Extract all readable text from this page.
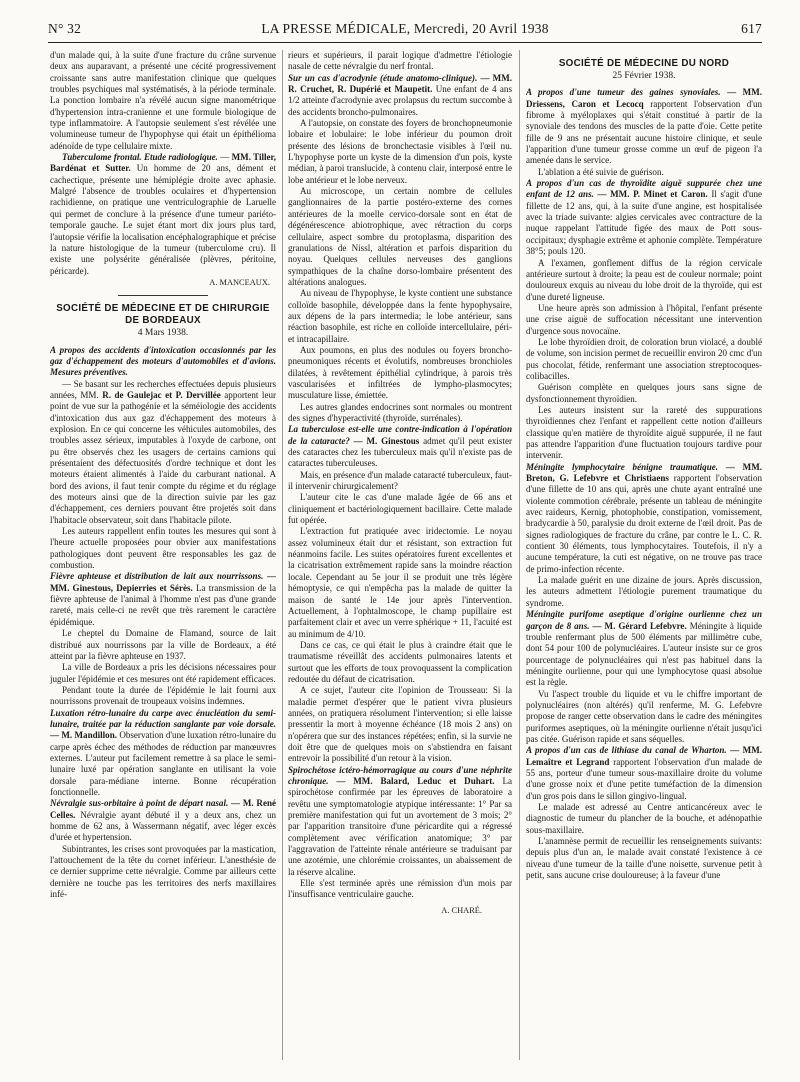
N° 32	LA PRESSE MÉDICALE, Mercredi, 20 Avril 1938	617

d'un malade qui, à la suite d'une fracture du crâne survenue deux ans auparavant, a présenté une cécité progressivement croissante sans autre manifestation clinique que quelques troubles psychiques mal systématisés, à la période terminale. La ponction lombaire n'a révélé aucun signe manométrique d'hypertension intra-cranienne et une formule biologique de type inflammatoire. A l'autopsie seulement s'est révélée une volumineuse tumeur de l'hypophyse qui était un épithélioma adénoïde de type cellulaire mixte.

Tuberculome frontal. Etude radiologique. — MM. Tiller, Bardénat et Sutter. Un homme de 20 ans, dément et cachectique, présente une hémiplégie droite avec aphasie. Malgré l'absence de troubles oculaires et d'hypertension rachidienne, on pratique une ventriculographie de Laruelle qui permet de conclure à la présence d'une tumeur pariéto-temporale gauche. Le sujet étant mort dix jours plus tard, l'autopsie vérifie la localisation encéphalographique et précise la nature histologique de la tumeur (tuberculome cru). Il existe une polysérite généralisée (plèvres, péritoine, péricarde).

A. MANCEAUX.
SOCIÉTÉ DE MÉDECINE ET DE CHIRURGIE DE BORDEAUX
4 Mars 1938.

A propos des accidents d'intoxication occasionnés par les gaz d'échappement des moteurs d'automobiles et d'avions. Mesures préventives.

— Se basant sur les recherches effectuées depuis plusieurs années, MM. R. de Gaulejac et P. Dervillée apportent leur point de vue sur la pathogénie et la séméiologie des accidents d'intoxication dus aux gaz d'échappement des moteurs à explosion. En ce qui concerne les véhicules automobiles, des troubles assez sérieux, imputables à l'oxyde de carbone, ont pu être observés chez les usagers de certains camions qui présentaient des défectuosités d'ordre technique et dont les moteurs étaient alimentés à l'aide du carburant national. A bord des avions, il faut tenir compte du régime et du réglage des moteurs ainsi que de la direction suivie par les gaz d'échappement, ces derniers pouvant être projetés soit dans l'habitacle observateur, soit dans l'habitacle pilote.

Les auteurs rappellent enfin toutes les mesures qui sont à l'heure actuelle proposées pour obvier aux manifestations pathologiques dont peuvent être responsables les gaz de combustion.

Fièvre aphteuse et distribution de lait aux nourrissons. — MM. Ginestous, Depierries et Sérès. La transmission de la fièvre aphteuse de l'animal à l'homme n'est pas d'une grande rareté, mais celle-ci ne revêt que très rarement le caractère épidémique.

Le cheptel du Domaine de Flamand, source de lait distribué aux nourrissons par la ville de Bordeaux, a été atteint par la fièvre aphteuse en 1937.

La ville de Bordeaux a pris les décisions nécessaires pour juguler l'épidémie et ces mesures ont été rapidement efficaces.

Pendant toute la durée de l'épidémie le lait fourni aux nourrissons provenait de troupeaux voisins indemnes.

Luxation rétro-lunaire du carpe avec énucléation du semi-lunaire, traitée par la réduction sanglante par voie dorsale. — M. Mandillon. Observation d'une luxation rétro-lunaire du carpe après échec des méthodes de réduction par manœuvres externes. L'auteur put facilement remettre à sa place le semi-lunaire luxé par opération sanglante en utilisant la voie dorsale para-médiane interne. Bonne récupération fonctionnelle.

Névralgie sus-orbitaire à point de départ nasal. — M. René Celles. Névralgie ayant débuté il y a deux ans, chez un homme de 62 ans, à Wassermann négatif, avec léger excès d'urée et hypertension.

Subintrantes, les crises sont provoquées par la mastication, l'attouchement de la tête du cornet inférieur. L'anesthésie de ce dernier supprime cette névralgie. Comme par ailleurs cette dernière ne touche pas les territoires des nerfs maxillaires infé-

rieurs et supérieurs, il parait logique d'admettre l'étiologie nasale de cette névralgie du nerf frontal.

Sur un cas d'acrodynie (étude anatomo-clinique). — MM. R. Cruchet, R. Dupérié et Maupetit. Une enfant de 4 ans 1/2 atteinte d'acrodynie avec prolapsus du rectum succombe à des accidents broncho-pulmonaires.

A l'autopsie, on constate des foyers de bronchopneumonie lobaire et lobulaire: le lobe inférieur du poumon droit présente des lésions de bronchectasie visibles à l'œil nu. L'hypophyse porte un kyste de la dimension d'un pois, kyste médian, à paroi translucide, à contenu clair, interposé entre le lobe antérieur et le lobe nerveux.

Au microscope, un certain nombre de cellules ganglionnaires de la partie postéro-externe des cornes antérieures de la moelle cervico-dorsale sont en état de dégénérescence abiotrophique, avec rétraction du corps cellulaire, aspect sombre du protoplasma, disparition des granulations de Nissl, altération et parfois disparition du noyau. Quelques cellules nerveuses des ganglions sympathiques de la chaîne dorso-lombaire présentent des altérations analogues.

Au niveau de l'hypophyse, le kyste contient une substance colloïde basophile, développée dans la fente hypophysaire, aux dépens de la pars intermedia; le lobe antérieur, sans réaction basophile, est riche en colloïde intercellulaire, péri- et intracapillaire.

Aux poumons, en plus des nodules ou foyers broncho-pneumoniques récents et évolutifs, nombreuses bronchioles dilatées, à revêtement épithélial cylindrique, à parois très vascularisées et infiltrées de lympho-plasmocytes; musculature lisse, émiettée.

Les autres glandes endocrines sont normales ou montrent des signes d'hyperactivité (thyroïde, surrénales).

La tuberculose est-elle une contre-indication à l'opération de la cataracte? — M. Ginestous admet qu'il peut exister des cataractes chez les tuberculeux mais qu'il n'existe pas de cataractes tuberculeuses.

Mais, en présence d'un malade cataracté tuberculeux, faut-il intervenir chirurgicalement?

L'auteur cite le cas d'une malade âgée de 66 ans et cliniquement et bactériologiquement bacillaire. Cette malade fut opérée.

L'extraction fut pratiquée avec iridectomie. Le noyau assez volumineux était dur et résistant, son extraction fut néanmoins facile. Les suites opératoires furent excellentes et la cicatrisation extrêmement rapide sans la moindre réaction locale. Cependant au 5e jour il se produit une très légère hémoptysie, ce qui n'empêcha pas la malade de quitter la maison de santé le 14e jour après l'intervention. Actuellement, à l'ophtalmoscope, le champ pupillaire est parfaitement clair et avec un verre sphérique + 11, l'acuité est au minimum de 4/10.

Dans ce cas, ce qui était le plus à craindre était que le traumatisme réveillât des accidents pulmonaires latents et surtout que les efforts de toux provoquassent la complication redoutée du défaut de cicatrisation.

A ce sujet, l'auteur cite l'opinion de Trousseau: Si la maladie permet d'espérer que le patient vivra plusieurs années, on pratiquera résolument l'intervention; si elle laisse pressentir la mort à moyenne échéance (18 mois 2 ans) on n'opérera que sur des instances répétées; enfin, si la survie ne doit être que de quelques mois on s'abstiendra en faisant entrevoir la possibilité d'un retour à la vision.

Spirochétose ictéro-hémorragique au cours d'une néphrite chronique. — MM. Balard, Leduc et Duhart. La spirochétose confirmée par les épreuves de laboratoire a revêtu une symptomatologie atypique intéressante: 1° Par sa première manifestation qui fut un avortement de 3 mois; 2° par l'apparition transitoire d'une péricardite qui a régressé complètement avec vérification anatomique; 3° par l'aggravation de l'atteinte rénale antérieure se traduisant par une azotémie, une chlorémie croissantes, un abaissement de la réserve alcaline.

Elle s'est terminée après une rémission d'un mois par l'insuffisance ventriculaire gauche.

A. CHARÉ.
SOCIÉTÉ DE MÉDECINE DU NORD
25 Février 1938.

A propos d'une tumeur des gaines synoviales. — MM. Driessens, Caron et Lecocq rapportent l'observation d'un fibrome à myéloplaxes qui s'était constitué à partir de la synoviale des tendons des muscles de la patte d'oie. Cette petite fille de 9 ans ne présentait aucune histoire clinique, et seule l'apparition d'une tumeur grosse comme un œuf de pigeon l'a amenée dans le service.

L'ablation a été suivie de guérison.

A propos d'un cas de thyroïdite aiguë suppurée chez une enfant de 12 ans. — MM. P. Minet et Caron. Il s'agit d'une fillette de 12 ans, qui, à la suite d'une angine, est hospitalisée avec la triade suivante: algies cervicales avec contracture de la nuque rappelant l'attitude figée des maux de Pott sous-occipitaux; dysphagie extrême et aphonie complète. Température 38°5; pouls 120.

A l'examen, gonflement diffus de la région cervicale antérieure surtout à droite; la peau est de couleur normale; point douloureux exquis au niveau du lobe droit de la thyroïde, qui est d'une dureté ligneuse.

Une heure après son admission à l'hôpital, l'enfant présente une crise aiguë de suffocation nécessitant une intervention d'urgence sous novocaïne.

Le lobe thyroïdien droit, de coloration brun violacé, a doublé de volume, son incision permet de recueillir environ 20 cmc d'un pus chocolat, fétide, renfermant une association streptocoques-colibacilles.

Guérison complète en quelques jours sans signe de dysfonctionnement thyroïdien.

Les auteurs insistent sur la rareté des suppurations thyroïdiennes chez l'enfant et rappellent cette notion d'ailleurs classique qu'en matière de thyroïdite aiguë suppurée, il ne faut pas attendre l'apparition d'une fluctuation toujours tardive pour intervenir.

Méningite lymphocytaire bénigne traumatique. — MM. Breton, G. Lefebvre et Christiaens rapportent l'observation d'une fillette de 10 ans qui, après une chute ayant entraîné une violente commotion cérébrale, présente un tableau de méningite avec raideurs, Kernig, photophobie, constipation, vomissement, bradycardie à 50, paralysie du droit externe de l'œil droit. Pas de signes radiologiques de fracture du crâne, par contre le L. C. R. contient 30 éléments, tous lymphocytaires. Toutefois, il n'y a aucune température, la cuti est négative, on ne trouve pas trace de primo-infection récente.

La malade guérit en une dizaine de jours. Après discussion, les auteurs admettent l'étiologie purement traumatique du syndrome.

Méningite purifome aseptique d'origine ourlienne chez un garçon de 8 ans. — M. Gérard Lefebvre. Méningite à liquide trouble renfermant plus de 500 éléments par millimètre cube, dont 54 pour 100 de polynucléaires. L'auteur insiste sur ce gros pourcentage de polynucléaires qui n'est pas habituel dans la méningite ourlienne, pour qui une lymphocytose quasi absolue est la règle.

Vu l'aspect trouble du liquide et vu le chiffre important de polynucléaires (non altérés) qu'il renferme, M. G. Lefebvre propose de ranger cette observation dans le cadre des méningites puriformes aseptiques, où la méningite ourlienne n'était jusqu'ici pas citée. Guérison rapide et sans séquelles.

A propos d'un cas de lithiase du canal de Wharton. — MM. Lemaître et Legrand rapportent l'observation d'un malade de 55 ans, porteur d'une tumeur sous-maxillaire droite du volume d'une grosse noix et d'une petite tuméfaction de la dimension d'un gros pois dans le sillon gingivo-lingual.

Le malade est adressé au Centre anticancéreux avec le diagnostic de tumeur du plancher de la bouche, et adénopathie sous-maxillaire.

L'anamnèse permit de recueillir les renseignements suivants: depuis plus d'un an, le malade avait constaté l'existence à ce niveau d'une tumeur de la taille d'une noisette, survenue petit à petit, sans aucune crise douloureuse; à la faveur d'une
